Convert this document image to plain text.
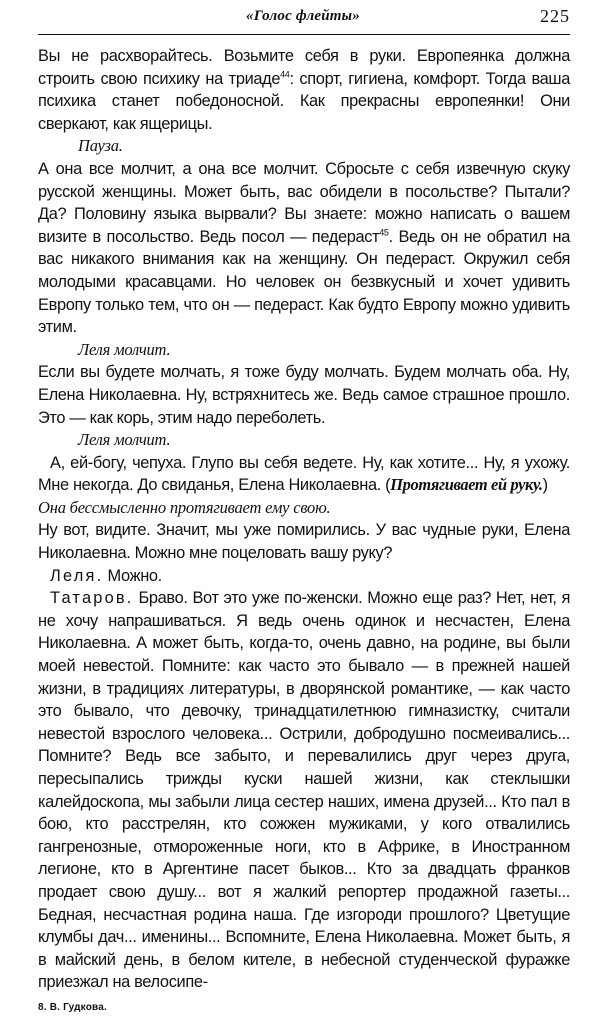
«Голос флейты»	225

Вы не расхворайтесь. Возьмите себя в руки. Европеянка должна строить свою психику на триаде$^{44}$: спорт, гигиена, комфорт. Тогда ваша психика станет победоносной. Как прекрасны европеянки! Они сверкают, как ящерицы.

Пауза.

А она все молчит, а она все молчит. Сбросьте с себя извечную скуку русской женщины. Может быть, вас обидели в посольстве? Пытали? Да? Половину языка вырвали? Вы знаете: можно написать о вашем визите в посольство. Ведь посол — педераст$^{45}$. Ведь он не обратил на вас никакого внимания как на женщину. Он педераст. Окружил себя молодыми красавцами. Но человек он безвкусный и хочет удивить Европу только тем, что он — педераст. Как будто Европу можно удивить этим.

Леля молчит.

Если вы будете молчать, я тоже буду молчать. Будем молчать оба. Ну, Елена Николаевна. Ну, встряхнитесь же. Ведь самое страшное прошло. Это — как корь, этим надо переболеть.

Леля молчит.

А, ей-богу, чепуха. Глупо вы себя ведете. Ну, как хотите... Ну, я ухожу. Мне некогда. До свиданья, Елена Николаевна. (Протягивает ей руку.)

Она бессмысленно протягивает ему свою.

Ну вот, видите. Значит, мы уже помирились. У вас чудные руки, Елена Николаевна. Можно мне поцеловать вашу руку?

Леля. Можно.

Татаров. Браво. Вот это уже по-женски. Можно еще раз? Нет, нет, я не хочу напрашиваться. Я ведь очень одинок и несчастен, Елена Николаевна. А может быть, когда-то, очень давно, на родине, вы были моей невестой. Помните: как часто это бывало — в прежней нашей жизни, в традициях литературы, в дворянской романтике, — как часто это бывало, что девочку, тринадцатилетнюю гимназистку, считали невестой взрослого человека... Острили, добродушно посмеивались... Помните? Ведь все забыто, и перевалились друг через друга, пересыпались трижды куски нашей жизни, как стеклышки калейдоскопа, мы забыли лица сестер наших, имена друзей... Кто пал в бою, кто расстрелян, кто сожжен мужиками, у кого отвалились гангренозные, отмороженные ноги, кто в Африке, в Иностранном легионе, кто в Аргентине пасет быков... Кто за двадцать франков продает свою душу... вот я жалкий репортер продажной газеты... Бедная, несчастная родина наша. Где изгороди прошлого? Цветущие клумбы дач... именины... Вспомните, Елена Николаевна. Может быть, я в майский день, в белом кителе, в небесной студенческой фуражке приезжал на велосипе-

8. В. Гудкова.
